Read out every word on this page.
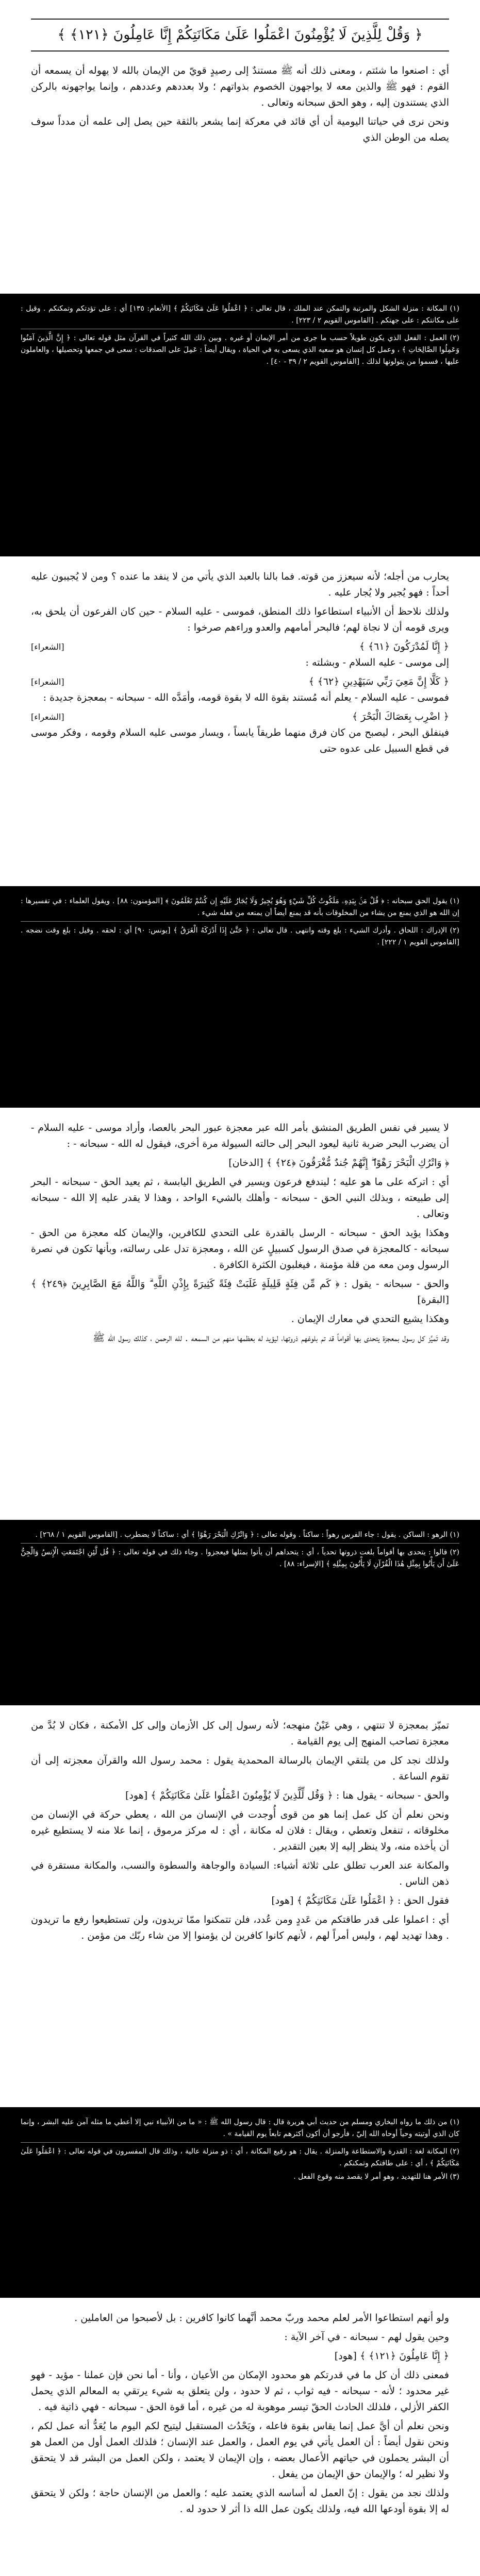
﴿ وَقُلْ لِلَّذِينَ لَا يُؤْمِنُونَ اعْمَلُوا عَلَىٰ مَكَانَتِكُمْ إِنَّا عَامِلُونَ ﴿١٢١﴾ ﴾

أي : اصنعوا ما شئتم ، ومعنى ذلك أنه ﷺ مستندٌ إلى رصيدٍ قويّ من الإيمان بالله لا يهوله أن يسمعه أن القوم : فهو ﷺ والذين معه لا يواجهون الخصوم بذواتهم ؛ ولا بعددهم وعددهم ، وإنما يواجهونه بالركن الذي يستندون إليه ، وهو الحق سبحانه وتعالى .

ونحن نرى في حياتنا اليومية أن أي قائد في معركة إنما يشعر بالثقة حين يصل إلى علمه أن مدداً سوف يصله من الوطن الذي

(١) المكانة : منزلة الشكل والمرتبة والتمكن عند الملك ، قال تعالى : ﴿ اعْمَلُوا عَلَىٰ مَكَانَتِكُمْ ﴾ [الأنعام: ١٣٥] أي : على تؤدتكم وتمكنكم . وقيل : على مكانتكم : على جهتكم . [القاموس القويم ٢ / ٢٢٣] .

(٢) العمل : الفعل الذي يكون طويلاً حسب ما جرى من أمر الإيمان أو غيره . وبين ذلك الله كثيراً في القرآن مثل قوله تعالى : ﴿ إِنَّ الَّذِينَ آمَنُوا وَعَمِلُوا الصَّالِحَاتِ ﴾ ، وعمل كل إنسان هو سعيه الذي يسعى به في الحياة ، ويقال أيضاً : عَمِلَ على الصدقات : سعى في جمعها وتحصيلها ، والعاملون عليها ، فسموا من يتولونها لذلك . [القاموس القويم ٢ / ٣٩ - ٤٠] .

يحارب من أجله؛ لأنه سيعزز من قوته. فما بالنا بالعبد الذي يأتي من لا ينفد ما عنده ؟ ومن لا يُجيبون عليه أحداً : فهو يُجير ولا يُجار عليه .

ولذلك نلاحظ أن الأنبياء استطاعوا ذلك المنطق، فموسى - عليه السلام - حين كان الفرعون أن يلحق به، ويرى قومه أن لا نجاة لهم؛ فالبحر أمامهم والعدو وراءهم صرخوا :

﴿ إِنَّا لَمُدْرَكُونَ ﴿٦١﴾ ﴾
[الشعراء]

إلى موسى - عليه السلام - وبشلته :

﴿ كَلَّا إِنَّ مَعِيَ رَبِّي سَيَهْدِينِ ﴿٦٢﴾ ﴾
[الشعراء]

فموسى - عليه السلام - يعلم أنه مُستند بقوة الله لا بقوة قومه، وأمَدَّه الله - سبحانه - بمعجزة جديدة :

﴿ اضْرِب بِعَصَاكَ الْبَحْرَ ﴾
[الشعراء]

فينفلق البحر ، ليصبح من كان فرق منهما طريقاً يابساً ، ويسار موسى عليه السلام وقومه ، وفكر موسى في قطع السبيل على عدوه حتى

(١) يقول الحق سبحانه : ﴿ قُلْ مَنۢ بِيَدِهِۦ مَلَكُوتُ كُلِّ شَيْءٍ وَهُوَ يُجِيرُ وَلَا يُجَارُ عَلَيْهِ إِن كُنتُمْ تَعْلَمُونَ ﴾ [المؤمنون: ٨٨] . ويقول العلماء : في تفسيرها : إن الله هو الذي يمنع من يشاء من المخلوقات بأنه قد يمنع أيضاً أن يمنعه من فعله شيء .

(٢) الإدراك : اللحاق . وأدرك الشيء : بلغ وقته وانتهى . قال تعالى : ﴿ حَتَّىٰ إِذَا أَدْرَكَهُ الْغَرَقُ ﴾ [يونس: ٩٠] أي : لحقه . وقيل : بلغ وقت نضجه . [القاموس القويم ١ / ٢٢٢] .

لا يسير في نفس الطريق المنشق بأمر الله عبر معجزة عبور البحر بالعصا، وأراد موسى - عليه السلام - أن يضرب البحر ضربة ثانية ليعود البحر إلى حالته السيولة مرة أخرى، فيقول له الله - سبحانه - :

﴿ وَاتْرُكِ الْبَحْرَ رَهْوًا ۖ إِنَّهُمْ جُندٌ مُّغْرَقُونَ ﴿٢٤﴾ ﴾ [الدخان]

أي : اتركه على ما هو عليه ؛ ليندفع فرعون ويسير في الطريق اليابسة ، ثم يعيد الحق - سبحانه - البحر إلى طبيعته ، وبذلك النبي الحق - سبحانه - وأهلك بالشيء الواحد ، وهذا لا يقدر عليه إلا الله - سبحانه وتعالى .

وهكذا يؤيد الحق - سبحانه - الرسل بالقدرة على التحدي للكافرين، والإيمان كله معجزة من الحق - سبحانه - كالمعجزة في صدق الرسول كسبيلٍ عن الله ، ومعجزة تدل على رسالته، وبأنها تكون في نصرة الرسول ومن معه من قلة مؤمنة ، فيغلبون الكثرة الكافرة .

والحق - سبحانه - يقول : ﴿ كَم مِّن فِئَةٍ قَلِيلَةٍ غَلَبَتْ فِئَةً كَثِيرَةً بِإِذْنِ اللَّهِ ۗ وَاللَّهُ مَعَ الصَّابِرِينَ ﴿٢٤٩﴾ ﴾ [البقرة]

وهكذا يشيع التحدي في معارك الإيمان .

وقد تَميَّز كل رسول بمعجزة يتحدى بها أقواماً قد تم بلوغهم ذروتها، ليؤيد له بعظمها منهم من السمعه . لله الرحمن ، كذلك رسول الله ﷺ

(١) الرهو : الساكن . يقول : جاء الفرس رهواً : ساكناً . وقوله تعالى : ﴿ وَاتْرُكِ الْبَحْرَ رَهْوًا ﴾ أي : ساكناً لا يضطرب . [القاموس القويم ١ / ٢٦٨] .

(٢) قالوا : يتحدى بها أقواماً بلغت ذروتها تحدياً ، أي : يتحداهم أن يأتوا بمثلها فيعجزوا . وجاء ذلك في قوله تعالى : ﴿ قُل لَّئِنِ اجْتَمَعَتِ الْإِنسُ وَالْجِنُّ عَلَىٰ أَن يَأْتُوا بِمِثْلِ هَٰذَا الْقُرْآنِ لَا يَأْتُونَ بِمِثْلِهِ ﴾ [الإسراء: ٨٨] .

تميّز بمعجزة لا تنتهي ، وهي عَيْنُ منهجه؛ لأنه رسول إلى كل الأزمان وإلى كل الأمكنة ، فكان لا بُدَّ من معجزة تصاحب المنهج إلى يوم القيامة .

ولذلك نجد كل من يلتقي الإيمان بالرسالة المحمدية يقول : محمد رسول الله والقرآن معجزته إلى أن تقوم الساعة .

والحق - سبحانه - يقول هنا : ﴿ وَقُل لِّلَّذِينَ لَا يُؤْمِنُونَ اعْمَلُوا عَلَىٰ مَكَانَتِكُمْ ﴾ [هود]

ونحن نعلم أن كل عمل إنما هو من قوى أُوجدت في الإنسان من الله ، يعطي حركة في الإنسان من مخلوقاته ، تنفعل وتعطي ، ويقال : فلان له مكانة ، أي : له مركز مرموق ، إنما علا منه لا يستطيع غيره أن يأخذه منه، ولا ينظر إليه إلا بعين التقدير .

والمكانة عند العرب تطلق على ثلاثة أشياء: السيادة والوجاهة والسطوة والنسب، والمكانة مستقرة في ذهن الناس .

فقول الحق : ﴿ اعْمَلُوا عَلَىٰ مَكَانَتِكُمْ ﴾ [هود]

أي : اعملوا على قدر طاقتكم من عَددٍ ومن عُدد، فلن تتمكنوا ممّا تريدون، ولن تستطيعوا رفع ما تريدون . وهذا تهديد لهم ، وليس أمراً لهم ، لأنهم كانوا كافرين لن يؤمنوا إلا من شاء ربّك من مؤمن .

(١) من ذلك ما رواه البخاري ومسلم من حديث أبي هريرة قال : قال رسول الله ﷺ : « ما من الأنبياء نبي إلا أعطي ما مثله آمن عليه البشر ، وإنما كان الذي أوتيته وحياً أوحاه الله إليّ ، فأرجو أن أكون أكثرهم تابعاً يوم القيامة » .

(٢) المكانة لغة : القدرة والاستطاعة والمنزلة . يقال : هو رفيع المكانة ، أي : ذو منزلة عالية ، وذلك قال المفسرون في قوله تعالى : ﴿ اعْمَلُوا عَلَىٰ مَكَانَتِكُمْ ﴾ ، أي : على طاقتكم وتمكنكم .

(٣) الأمر هنا للتهديد ، وهو أمر لا يقصد منه وقوع الفعل .

ولو أنهم استطاعوا الأمر لعلم محمد وربّ محمد أنَّهما كانوا كافرين : بل لأصبحوا من العاملين .

وحين يقول لهم - سبحانه - في آخر الآية :

﴿ إِنَّا عَامِلُونَ ﴿١٢١﴾ ﴾ [هود]

فمعنى ذلك أن كل ما في قدرتكم هو محدود الإمكان من الأعيان ، وأنا - أما نحن فإن عملنا - مؤيد - فهو غير محدود ؛ لأنه - سبحانه - فيه ثواب ، ثم لا حدود ، ولن يتعلق به شيء يرتقي به المعالم الذي يحمل الكفر الأزلي ، فلذلك الحادث الحقّ تيسر موهوبة له من غيره ، أما قوة الحق - سبحانه - فهي ذاتية فيه .

ونحن نعلم أن أيَّ عمل إنما يقاس بقوة فاعله ، ويَحْدُث المستقبل ليتيح لكم اليوم ما يُعَدُّ أنه عمل لكم ، ونحن نقول أيضاً : أن العمل يأتي في يوم العمل ، والعمل عند الإنسان ؛ فلذلك العمل أول من العمل هو أن البشر يحملون في حياتهم الأعمال بعضه ، وإن الإيمان لا يعتمد ، ولكن العمل من البشر قد لا يتحقق ولا نظير له ؛ والإيمان حق الإيمان من يفعل .

ولذلك نجد من يقول : إنّ العمل له أساسه الذي يعتمد عليه ؛ والعمل من الإنسان حاجة ؛ ولكن لا يتحقق له إلا بقوة أودعها الله فيه، ولذلك يكون عمل الله ذا أثر لا حدود له .
